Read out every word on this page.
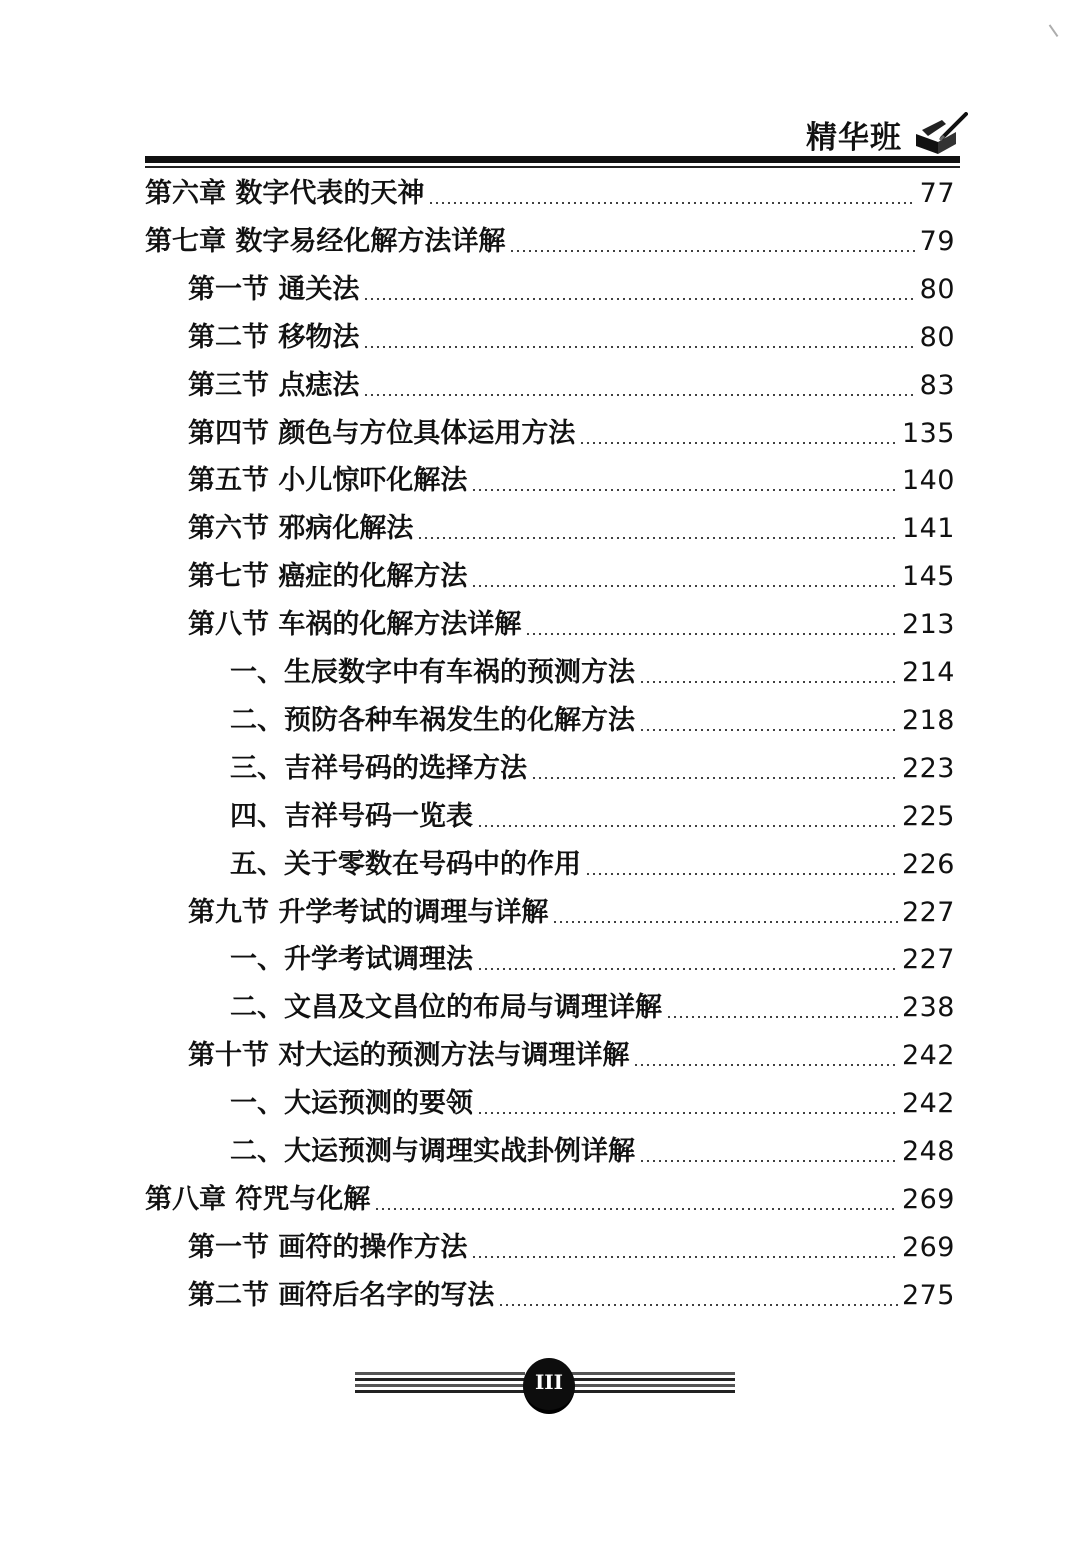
精华班
第六章 数字代表的天神	77
第七章 数字易经化解方法详解	79
第一节 通关法	80
第二节 移物法	80
第三节 点痣法	83
第四节 颜色与方位具体运用方法	135
第五节 小儿惊吓化解法	140
第六节 邪病化解法	141
第七节 癌症的化解方法	145
第八节 车祸的化解方法详解	213
一、生辰数字中有车祸的预测方法	214
二、预防各种车祸发生的化解方法	218
三、吉祥号码的选择方法	223
四、吉祥号码一览表	225
五、关于零数在号码中的作用	226
第九节 升学考试的调理与详解	227
一、升学考试调理法	227
二、文昌及文昌位的布局与调理详解	238
第十节 对大运的预测方法与调理详解	242
一、大运预测的要领	242
二、大运预测与调理实战卦例详解	248
第八章 符咒与化解	269
第一节 画符的操作方法	269
第二节 画符后名字的写法	275
III
